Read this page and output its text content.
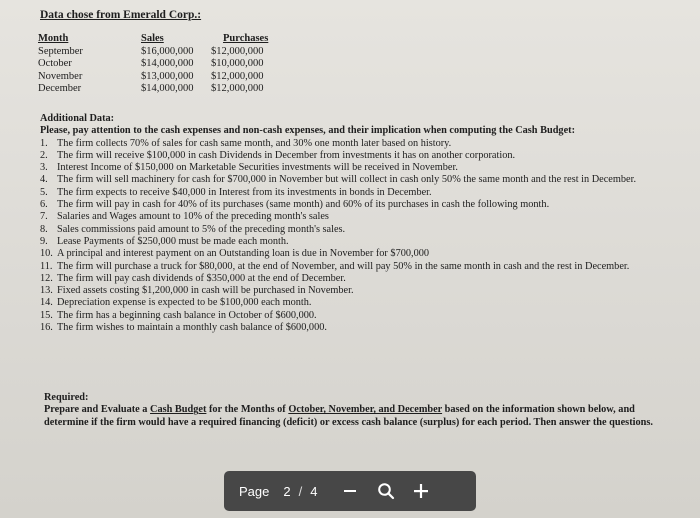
Data chose from Emerald Corp.:
Month	Sales	Purchases
September	$16,000,000	$12,000,000
October	$14,000,000	$10,000,000
November	$13,000,000	$12,000,000
December	$14,000,000	$12,000,000
Additional Data:
Please, pay attention to the cash expenses and non-cash expenses, and their implication when computing the Cash Budget:
1. The firm collects 70% of sales for cash same month, and 30% one month later based on history.
2. The firm will receive $100,000 in cash Dividends in December from investments it has on another corporation.
3. Interest Income of $150,000 on Marketable Securities investments will be received in November.
4. The firm will sell machinery for cash for $700,000 in November but will collect in cash only 50% the same month and the rest in December.
5. The firm expects to receive $40,000 in Interest from its investments in bonds in December.
6. The firm will pay in cash for 40% of its purchases (same month) and 60% of its purchases in cash the following month.
7. Salaries and Wages amount to 10% of the preceding month's sales
8. Sales commissions paid amount to 5% of the preceding month's sales.
9. Lease Payments of $250,000 must be made each month.
10. A principal and interest payment on an Outstanding loan is due in November for $700,000
11. The firm will purchase a truck for $80,000, at the end of November, and will pay 50% in the same month in cash and the rest in December.
12. The firm will pay cash dividends of $350,000 at the end of December.
13. Fixed assets costing $1,200,000 in cash will be purchased in November.
14. Depreciation expense is expected to be $100,000 each month.
15. The firm has a beginning cash balance in October of $600,000.
16. The firm wishes to maintain a monthly cash balance of $600,000.
Required:
Prepare and Evaluate a Cash Budget for the Months of October, November, and December based on the information shown below, and determine if the firm would have a required financing (deficit) or excess cash balance (surplus) for each period. Then answer the questions.
Page 2 / 4
